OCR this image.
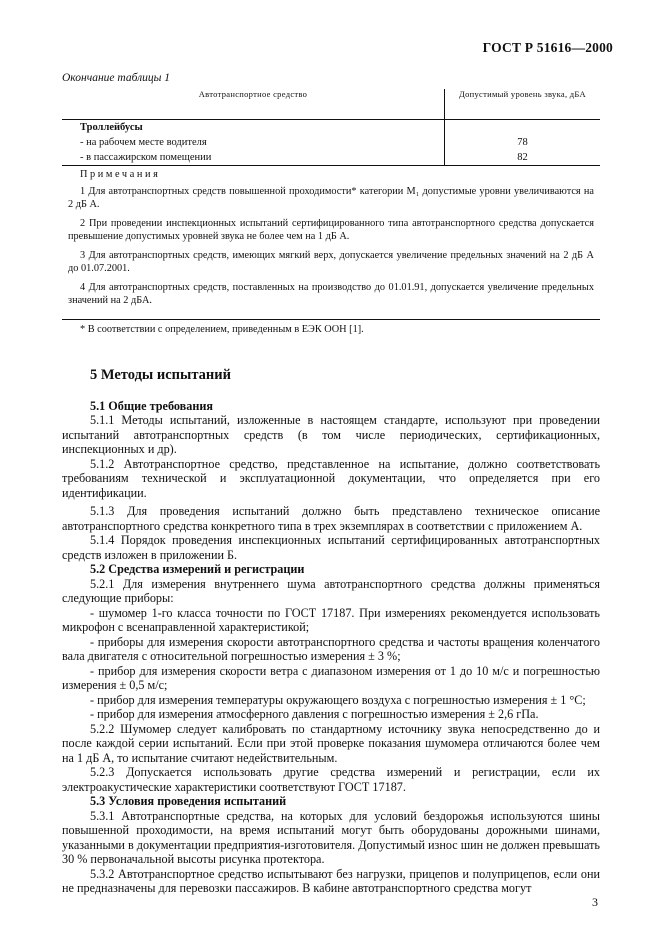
ГОСТ Р 51616—2000
Окончание таблицы 1
Автотранспортное средство	Допустимый уровень звука, дБА
Троллейбусы	
- на рабочем месте водителя	78
- в пассажирском помещении	82

Примечания

1 Для автотранспортных средств повышенной проходимости* категории M₁ допустимые уровни увеличиваются на 2 дБ А.

2 При проведении инспекционных испытаний сертифицированного типа автотранспортного средства допускается превышение допустимых уровней звука не более чем на 1 дБ А.

3 Для автотранспортных средств, имеющих мягкий верх, допускается увеличение предельных значений на 2 дБ А до 01.07.2001.

4 Для автотранспортных средств, поставленных на производство до 01.01.91, допускается увеличение предельных значений на 2 дБА.	

* В соответствии с определением, приведенным в ЕЭК ООН [1].	
5 Методы испытаний
5.1 Общие требования

5.1.1 Методы испытаний, изложенные в настоящем стандарте, используют при проведении испытаний автотранспортных средств (в том числе периодических, сертификационных, инспекционных и др).

5.1.2 Автотранспортное средство, представленное на испытание, должно соответствовать требованиям технической и эксплуатационной документации, что определяется при его идентификации.

5.1.3 Для проведения испытаний должно быть представлено техническое описание автотранспортного средства конкретного типа в трех экземплярах в соответствии с приложением А.

5.1.4 Порядок проведения инспекционных испытаний сертифицированных автотранспортных средств изложен в приложении Б.

5.2 Средства измерений и регистрации

5.2.1 Для измерения внутреннего шума автотранспортного средства должны применяться следующие приборы:

- шумомер 1-го класса точности по ГОСТ 17187. При измерениях рекомендуется использовать микрофон с всенаправленной характеристикой;

- приборы для измерения скорости автотранспортного средства и частоты вращения коленчатого вала двигателя с относительной погрешностью измерения ± 3 %;

- прибор для измерения скорости ветра с диапазоном измерения от 1 до 10 м/с и погрешностью измерения ± 0,5 м/с;

- прибор для измерения температуры окружающего воздуха с погрешностью измерения ± 1 °С;

- прибор для измерения атмосферного давления с погрешностью измерения ± 2,6 гПа.

5.2.2 Шумомер следует калибровать по стандартному источнику звука непосредственно до и после каждой серии испытаний. Если при этой проверке показания шумомера отличаются более чем на 1 дБ А, то испытание считают недействительным.

5.2.3 Допускается использовать другие средства измерений и регистрации, если их электроакустические характеристики соответствуют ГОСТ 17187.

5.3 Условия проведения испытаний

5.3.1 Автотранспортные средства, на которых для условий бездорожья используются шины повышенной проходимости, на время испытаний могут быть оборудованы дорожными шинами, указанными в документации предприятия-изготовителя. Допустимый износ шин не должен превышать 30 % первоначальной высоты рисунка протектора.

5.3.2 Автотранспортное средство испытывают без нагрузки, прицепов и полуприцепов, если они не предназначены для перевозки пассажиров. В кабине автотранспортного средства могут

3
